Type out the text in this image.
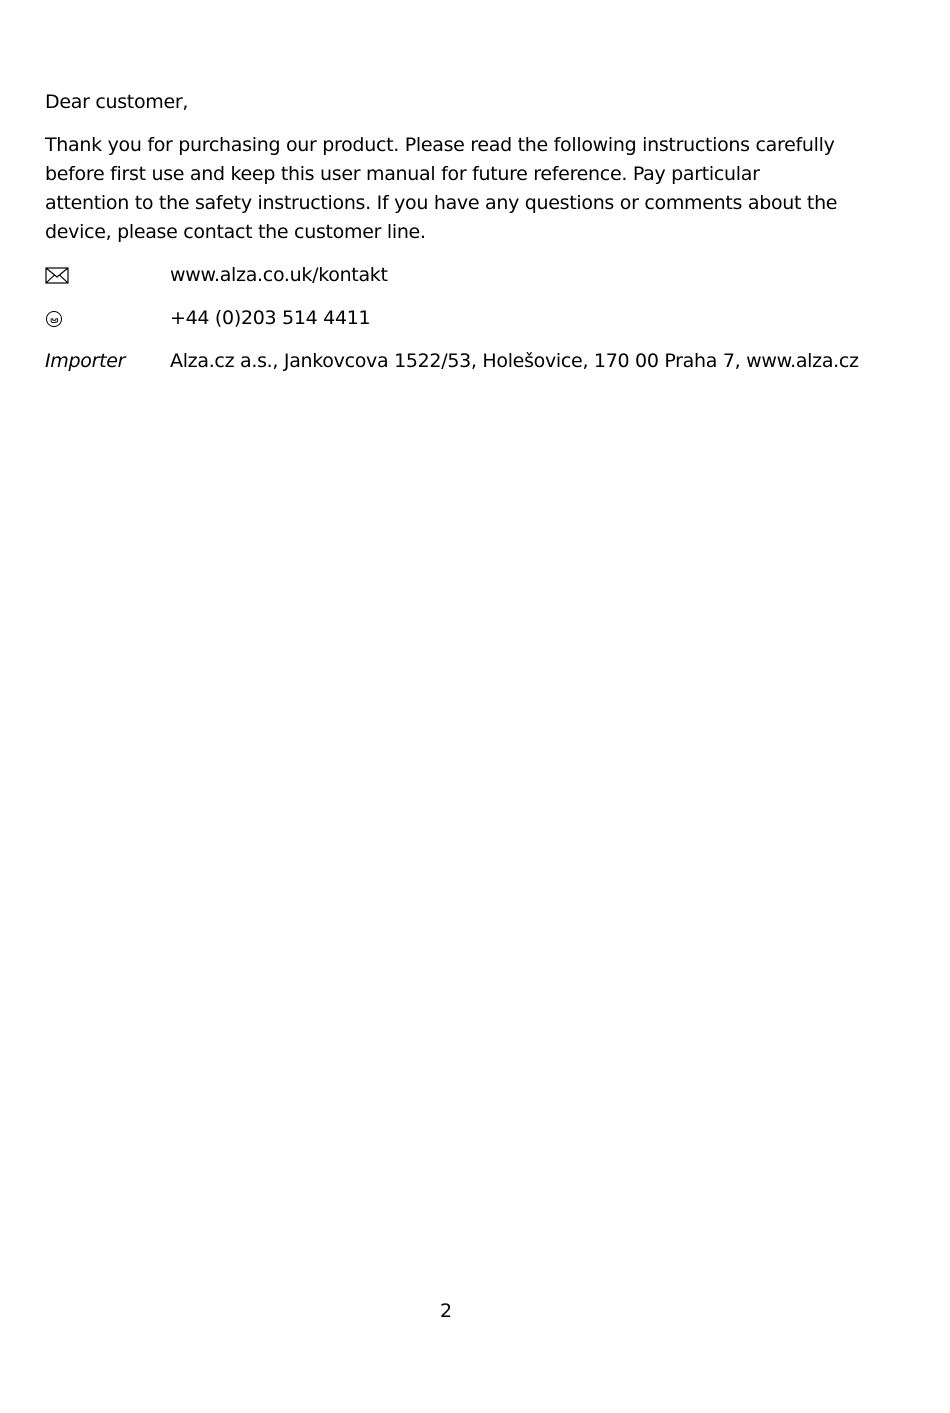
Dear customer,

Thank you for purchasing our product. Please read the following instructions carefully before first use and keep this user manual for future reference. Pay particular attention to the safety instructions. If you have any questions or comments about the device, please contact the customer line.

www.alza.co.uk/kontakt
+44 (0)203 514 4411
Importer	Alza.cz a.s., Jankovcova 1522/53, Holešovice, 170 00 Praha 7, www.alza.cz
2
